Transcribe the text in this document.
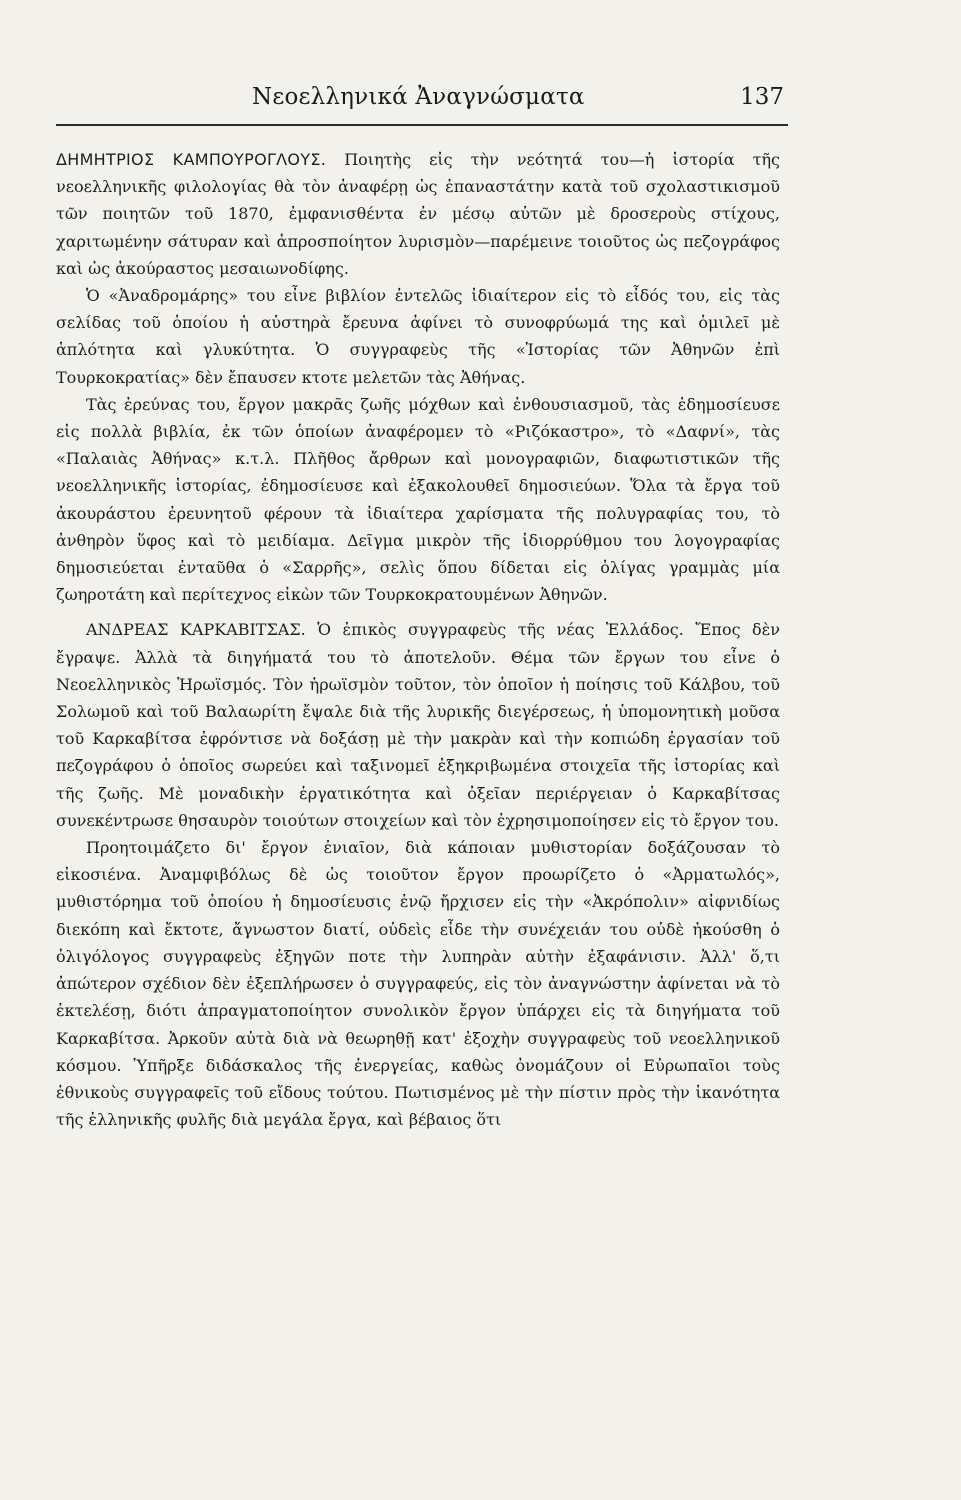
Νεοελληνικά Ἀναγνώσματα	137

ΔΗΜΗΤΡΙΟΣ ΚΑΜΠΟΥΡΟΓΛΟΥΣ. Ποιητὴς εἰς τὴν νεότητά του—ἡ ἱστορία τῆς νεοελληνικῆς φιλολογίας θὰ τὸν ἀναφέρῃ ὡς ἐπαναστάτην κατὰ τοῦ σχολαστικισμοῦ τῶν ποιητῶν τοῦ 1870, ἐμφανισθέντα ἐν μέσῳ αὐτῶν μὲ δροσεροὺς στίχους, χαριτωμένην σάτυραν καὶ ἀπροσποίητον λυρισμὸν—παρέμεινε τοιοῦτος ὡς πεζογράφος καὶ ὡς ἀκούραστος μεσαιωνοδίφης.

Ὁ «Ἀναδρομάρης» του εἶνε βιβλίον ἐντελῶς ἰδιαίτερον εἰς τὸ εἶδός του, εἰς τὰς σελίδας τοῦ ὁποίου ἡ αὐστηρὰ ἔρευνα ἀφίνει τὸ συνοφρύωμά της καὶ ὁμιλεῖ μὲ ἁπλότητα καὶ γλυκύτητα. Ὁ συγγραφεὺς τῆς «Ἱστορίας τῶν Ἀθηνῶν ἐπὶ Τουρκοκρατίας» δὲν ἔπαυσεν κτοτε μελετῶν τὰς Ἀθήνας.

Τὰς ἐρεύνας του, ἔργον μακρᾶς ζωῆς μόχθων καὶ ἐνθουσιασμοῦ, τὰς ἐδημοσίευσε εἰς πολλὰ βιβλία, ἐκ τῶν ὁποίων ἀναφέρομεν τὸ «Ριζόκαστρο», τὸ «Δαφνί», τὰς «Παλαιὰς Ἀθήνας» κ.τ.λ. Πλῆθος ἄρθρων καὶ μονογραφιῶν, διαφωτιστικῶν τῆς νεοελληνικῆς ἱστορίας, ἐδημοσίευσε καὶ ἐξακολουθεῖ δημοσιεύων. Ὅλα τὰ ἔργα τοῦ ἀκουράστου ἐρευνητοῦ φέρουν τὰ ἰδιαίτερα χαρίσματα τῆς πολυγραφίας του, τὸ ἀνθηρὸν ὕφος καὶ τὸ μειδίαμα. Δεῖγμα μικρὸν τῆς ἰδιορρύθμου του λογογραφίας δημοσιεύεται ἐνταῦθα ὁ «Σαρρῆς», σελὶς ὅπου δίδεται εἰς ὀλίγας γραμμὰς μία ζωηροτάτη καὶ περίτεχνος εἰκὼν τῶν Τουρκοκρατουμένων Ἀθηνῶν.

ΑΝΔΡΕΑΣ ΚΑΡΚΑΒΙΤΣΑΣ. Ὁ ἐπικὸς συγγραφεὺς τῆς νέας Ἑλλάδος. Ἔπος δὲν ἔγραψε. Ἀλλὰ τὰ διηγήματά του τὸ ἀποτελοῦν. Θέμα τῶν ἔργων του εἶνε ὁ Νεοελληνικὸς Ἡρωϊσμός. Τὸν ἡρωϊσμὸν τοῦτον, τὸν ὁποῖον ἡ ποίησις τοῦ Κάλβου, τοῦ Σολωμοῦ καὶ τοῦ Βαλαωρίτη ἔψαλε διὰ τῆς λυρικῆς διεγέρσεως, ἡ ὑπομονητικὴ μοῦσα τοῦ Καρκαβίτσα ἐφρόντισε νὰ δοξάσῃ μὲ τὴν μακρὰν καὶ τὴν κοπιώδη ἐργασίαν τοῦ πεζογράφου ὁ ὁποῖος σωρεύει καὶ ταξινομεῖ ἐξηκριβωμένα στοιχεῖα τῆς ἱστορίας καὶ τῆς ζωῆς. Μὲ μοναδικὴν ἐργατικότητα καὶ ὀξεῖαν περιέργειαν ὁ Καρκαβίτσας συνεκέντρωσε θησαυρὸν τοιούτων στοιχείων καὶ τὸν ἐχρησιμοποίησεν εἰς τὸ ἔργον του.

Προητοιμάζετο δι' ἔργον ἐνιαῖον, διὰ κάποιαν μυθιστορίαν δοξάζουσαν τὸ εἰκοσιένα. Ἀναμφιβόλως δὲ ὡς τοιοῦτον ἔργον προωρίζετο ὁ «Ἀρματωλός», μυθιστόρημα τοῦ ὁποίου ἡ δημοσίευσις ἐνῷ ἤρχισεν εἰς τὴν «Ἀκρόπολιν» αἰφνιδίως διεκόπη καὶ ἔκτοτε, ἄγνωστον διατί, οὐδεὶς εἶδε τὴν συνέχειάν του οὐδὲ ἠκούσθη ὁ ὀλιγόλογος συγγραφεὺς ἐξηγῶν ποτε τὴν λυπηρὰν αὐτὴν ἐξαφάνισιν. Ἀλλ' ὅ,τι ἀπώτερον σχέδιον δὲν ἐξεπλήρωσεν ὁ συγγραφεύς, εἰς τὸν ἀναγνώστην ἀφίνεται νὰ τὸ ἐκτελέσῃ, διότι ἀπραγματοποίητον συνολικὸν ἔργον ὑπάρχει εἰς τὰ διηγήματα τοῦ Καρκαβίτσα. Ἀρκοῦν αὐτὰ διὰ νὰ θεωρηθῇ κατ' ἐξοχὴν συγγραφεὺς τοῦ νεοελληνικοῦ κόσμου. Ὑπῆρξε διδάσκαλος τῆς ἐνεργείας, καθὼς ὀνομάζουν οἱ Εὐρωπαῖοι τοὺς ἐθνικοὺς συγγραφεῖς τοῦ εἴδους τούτου. Πωτισμένος μὲ τὴν πίστιν πρὸς τὴν ἱκανότητα τῆς ἑλληνικῆς φυλῆς διὰ μεγάλα ἔργα, καὶ βέβαιος ὅτι
